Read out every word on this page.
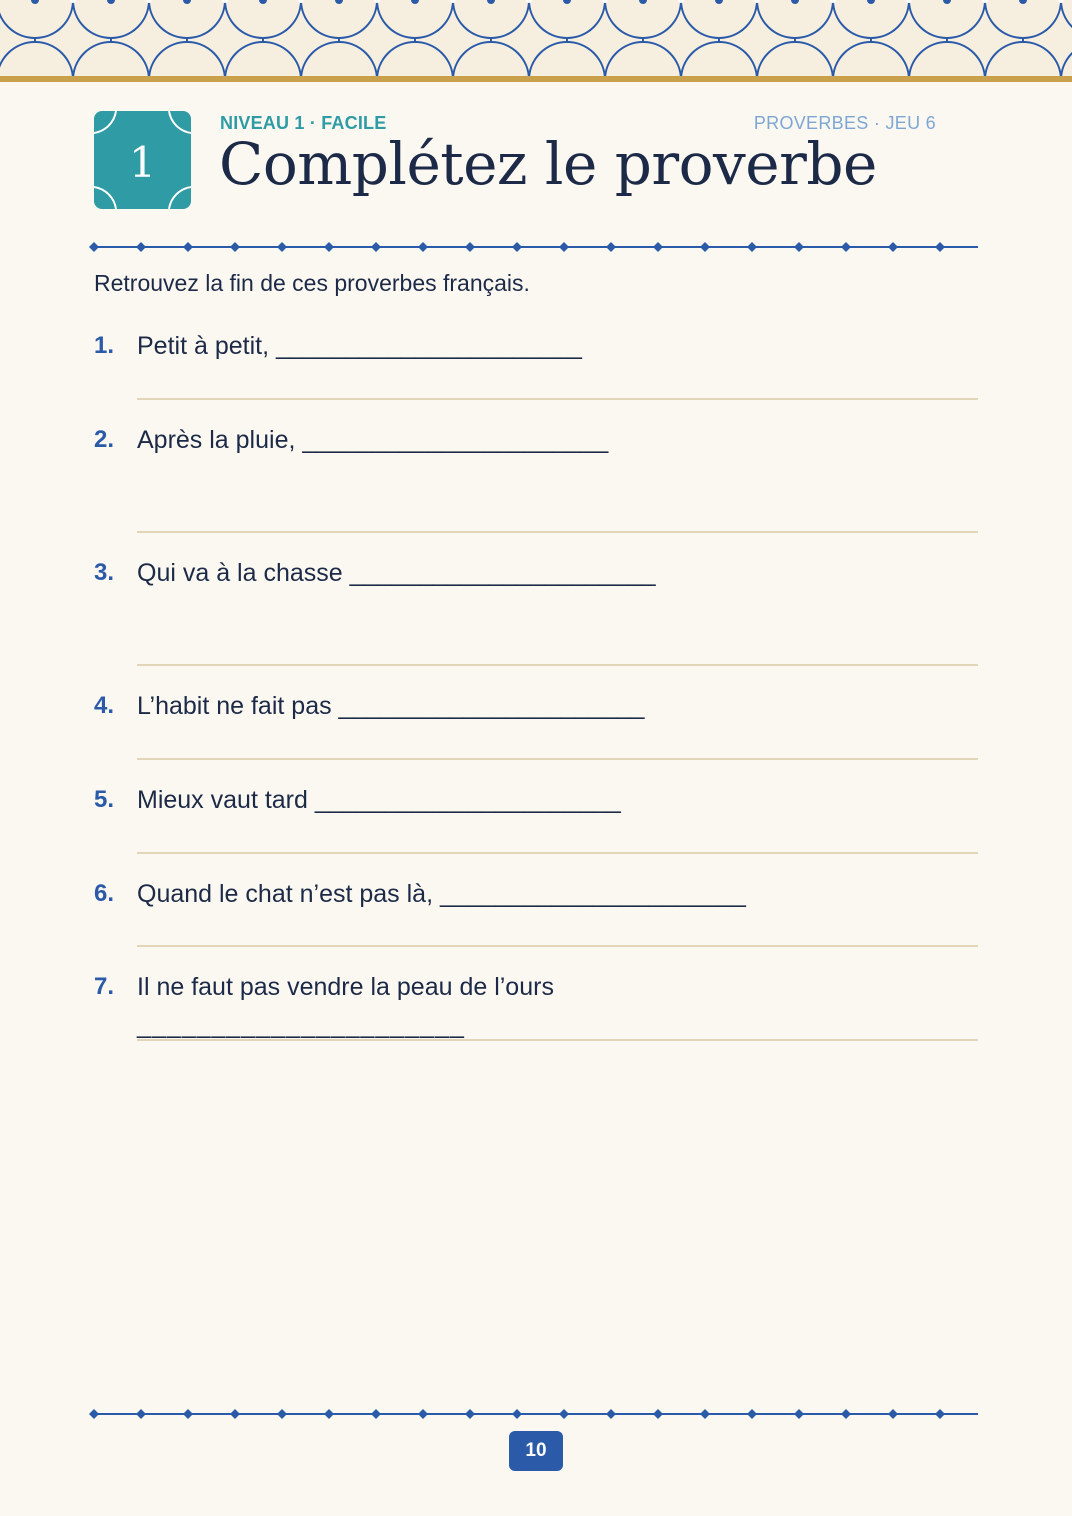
1
NIVEAU 1 · FACILE	PROVERBES · JEU 6
Complétez le proverbe

Retrouvez la fin de ces proverbes français.

1. Petit à petit, ______________________
2. Après la pluie, ______________________
3. Qui va à la chasse ______________________
4. L’habit ne fait pas ______________________
5. Mieux vaut tard ______________________
6. Quand le chat n’est pas là, ______________________
7. Il ne faut pas vendre la peau de l’ours
______________________
10
